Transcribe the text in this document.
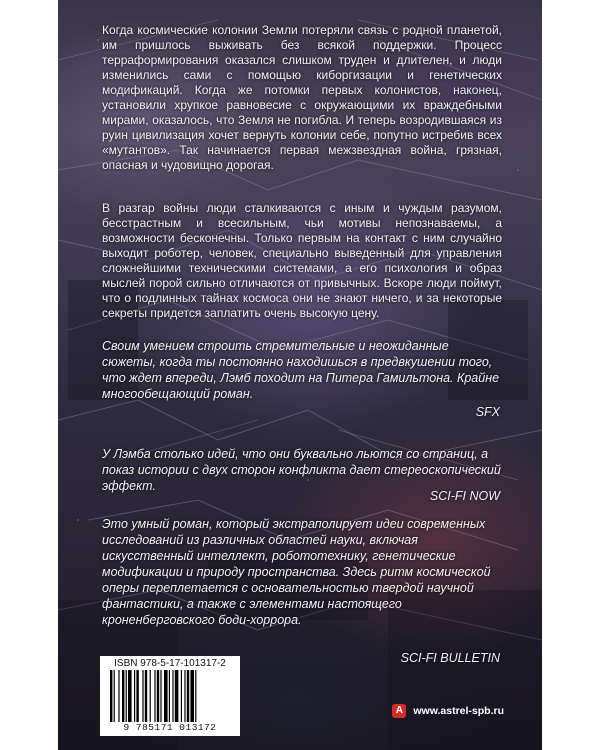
Когда космические колонии Земли потеряли связь с родной планетой, им пришлось выживать без всякой поддержки. Процесс терраформирования оказался слишком труден и длителен, и люди изменились сами с помощью киборгизации и генетических модификаций. Когда же потомки первых колонистов, наконец, установили хрупкое равновесие с окружающими их враждебными мирами, оказалось, что Земля не погибла. И теперь возродившаяся из руин цивилизация хочет вернуть колонии себе, попутно истребив всех «мутантов». Так начинается первая межзвездная война, грязная, опасная и чудовищно дорогая.

В разгар войны люди сталкиваются с иным и чуждым разумом, бесстрастным и всесильным, чьи мотивы непознаваемы, а возможности бесконечны. Только первым на контакт с ним случайно выходит роботер, человек, специально выведенный для управления сложнейшими техническими системами, а его психология и образ мыслей порой сильно отличаются от привычных. Вскоре люди поймут, что о подлинных тайнах космоса они не знают ничего, и за некоторые секреты придется заплатить очень высокую цену.

Своим умением строить стремительные и неожиданные сюжеты, когда ты постоянно находишься в предвкушении того, что ждет впереди, Лэмб походит на Питера Гамильтона. Крайне многообещающий роман.

SFX

У Лэмба столько идей, что они буквально льются со страниц, а показ истории с двух сторон конфликта дает стереоскопический эффект.

SCI-FI NOW

Это умный роман, который экстраполирует идеи современных исследований из различных областей науки, включая искусственный интеллект, робототехнику, генетические модификации и природу пространства. Здесь ритм космической оперы переплетается с основательностью твердой научной фантастики, а также с элементами настоящего кроненберговского боди-хоррора.

SCI-FI BULLETIN
ISBN 978-5-17-101317-2
9 785171 013172
А www.astrel-spb.ru
